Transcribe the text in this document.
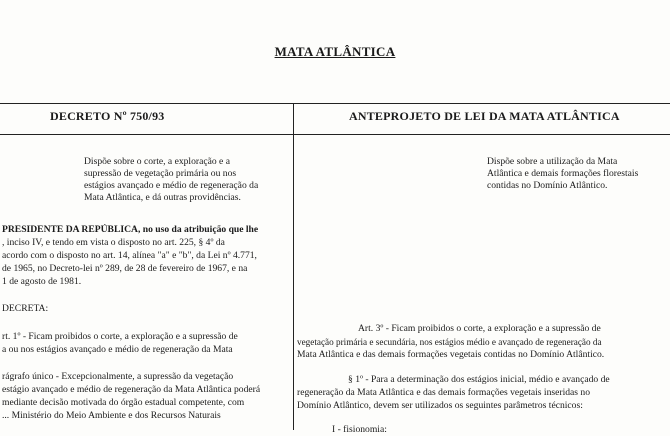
MATA ATLÂNTICA
DECRETO Nº 750/93
Dispõe sobre o corte, a exploração e a
supressão de vegetação primária ou nos
estágios avançado e médio de regeneração da
Mata Atlântica, e dá outras providências.
PRESIDENTE DA REPÚBLICA, no uso da atribuição que lhe
, inciso IV, e tendo em vista o disposto no art. 225, § 4º da
acordo com o disposto no art. 14, alínea "a" e "b", da Lei nº 4.771,
de 1965, no Decreto-lei nº 289, de 28 de fevereiro de 1967, e na
1 de agosto de 1981.
DECRETA:
rt. 1º - Ficam proibidos o corte, a exploração e a supressão de
a ou nos estágios avançado e médio de regeneração da Mata
rágrafo único - Excepcionalmente, a supressão da vegetação
estágio avançado e médio de regeneração da Mata Atlântica poderá
mediante decisão motivada do órgão estadual competente, com
... Ministério do Meio Ambiente e dos Recursos Naturais
ANTEPROJETO DE LEI DA MATA ATLÂNTICA
Dispõe sobre a utilização da Mata
Atlântica e demais formações florestais
contidas no Domínio Atlântico.
Art. 3º - Ficam proibidos o corte, a exploração e a supressão de
vegetação primária e secundária, nos estágios médio e avançado de regeneração da
Mata Atlântica e das demais formações vegetais contidas no Domínio Atlântico.
§ 1º - Para a determinação dos estágios inicial, médio e avançado de
regeneração da Mata Atlântica e das demais formações vegetais inseridas no
Domínio Atlântico, devem ser utilizados os seguintes parâmetros técnicos:
I - fisionomia:
